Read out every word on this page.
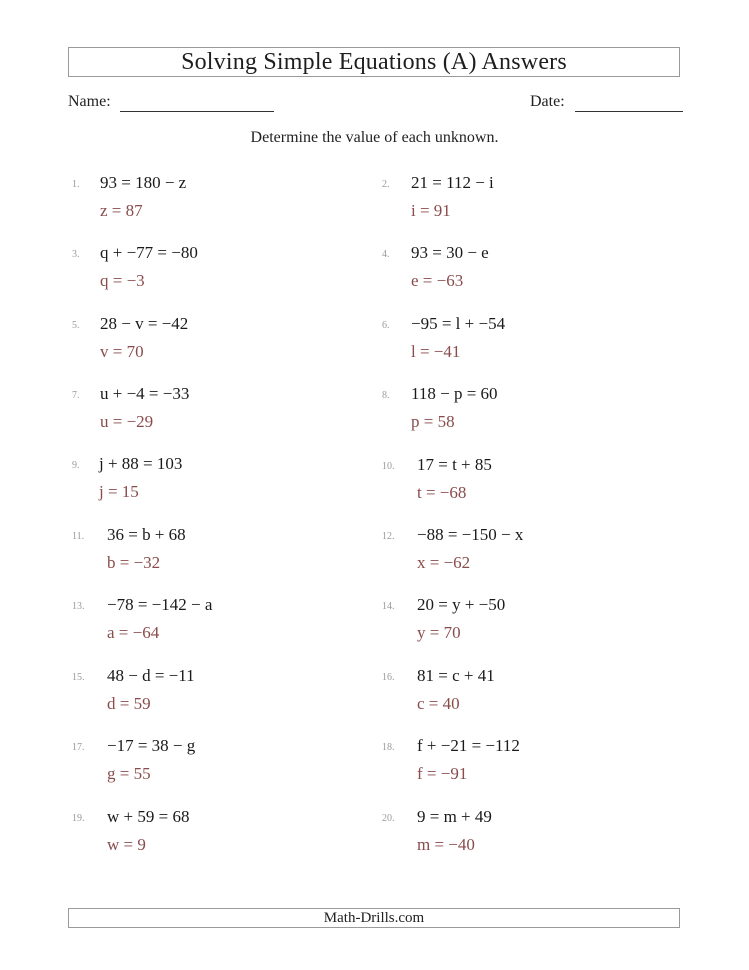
Solving Simple Equations (A) Answers
Name:	Date:
Determine the value of each unknown.
1. 93 = 180 − z
z = 87
2. 21 = 112 − i
i = 91
3. q + −77 = −80
q = −3
4. 93 = 30 − e
e = −63
5. 28 − v = −42
v = 70
6. −95 = l + −54
l = −41
7. u + −4 = −33
u = −29
8. 118 − p = 60
p = 58
9. j + 88 = 103
j = 15
10. 17 = t + 85
t = −68
11. 36 = b + 68
b = −32
12. −88 = −150 − x
x = −62
13. −78 = −142 − a
a = −64
14. 20 = y + −50
y = 70
15. 48 − d = −11
d = 59
16. 81 = c + 41
c = 40
17. −17 = 38 − g
g = 55
18. f + −21 = −112
f = −91
19. w + 59 = 68
w = 9
20. 9 = m + 49
m = −40
Math-Drills.com
